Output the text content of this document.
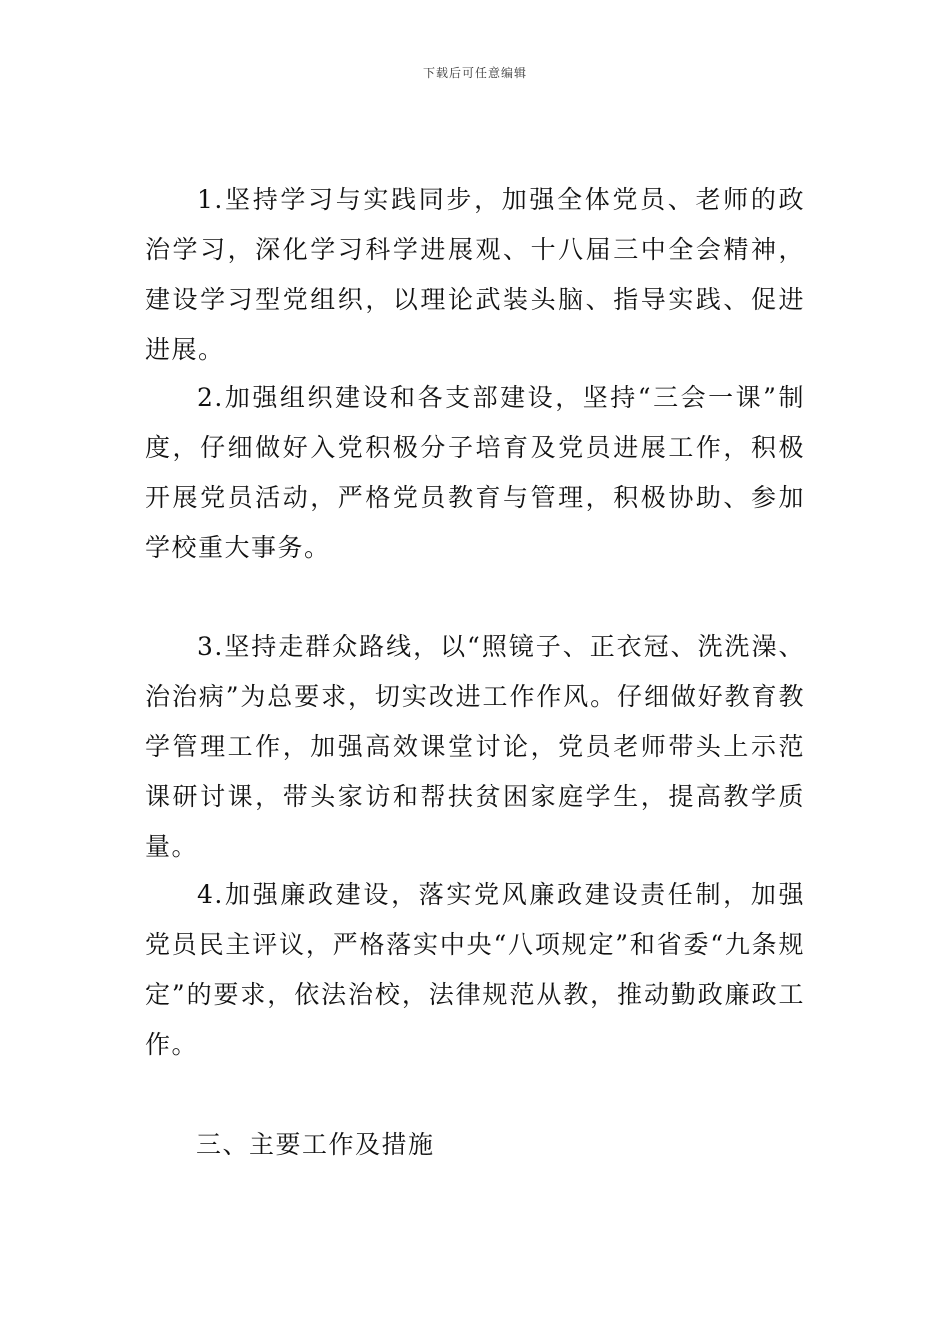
下载后可任意编辑

1.坚持学习与实践同步，加强全体党员、老师的政治学习，深化学习科学进展观、十八届三中全会精神，建设学习型党组织，以理论武装头脑、指导实践、促进进展。

2.加强组织建设和各支部建设，坚持“三会一课”制度，仔细做好入党积极分子培育及党员进展工作，积极开展党员活动，严格党员教育与管理，积极协助、参加学校重大事务。

3.坚持走群众路线，以“照镜子、正衣冠、洗洗澡、治治病”为总要求，切实改进工作作风。仔细做好教育教学管理工作，加强高效课堂讨论，党员老师带头上示范课研讨课，带头家访和帮扶贫困家庭学生，提高教学质量。

4.加强廉政建设，落实党风廉政建设责任制，加强党员民主评议，严格落实中央“八项规定”和省委“九条规定”的要求，依法治校，法律规范从教，推动勤政廉政工作。

三、主要工作及措施
